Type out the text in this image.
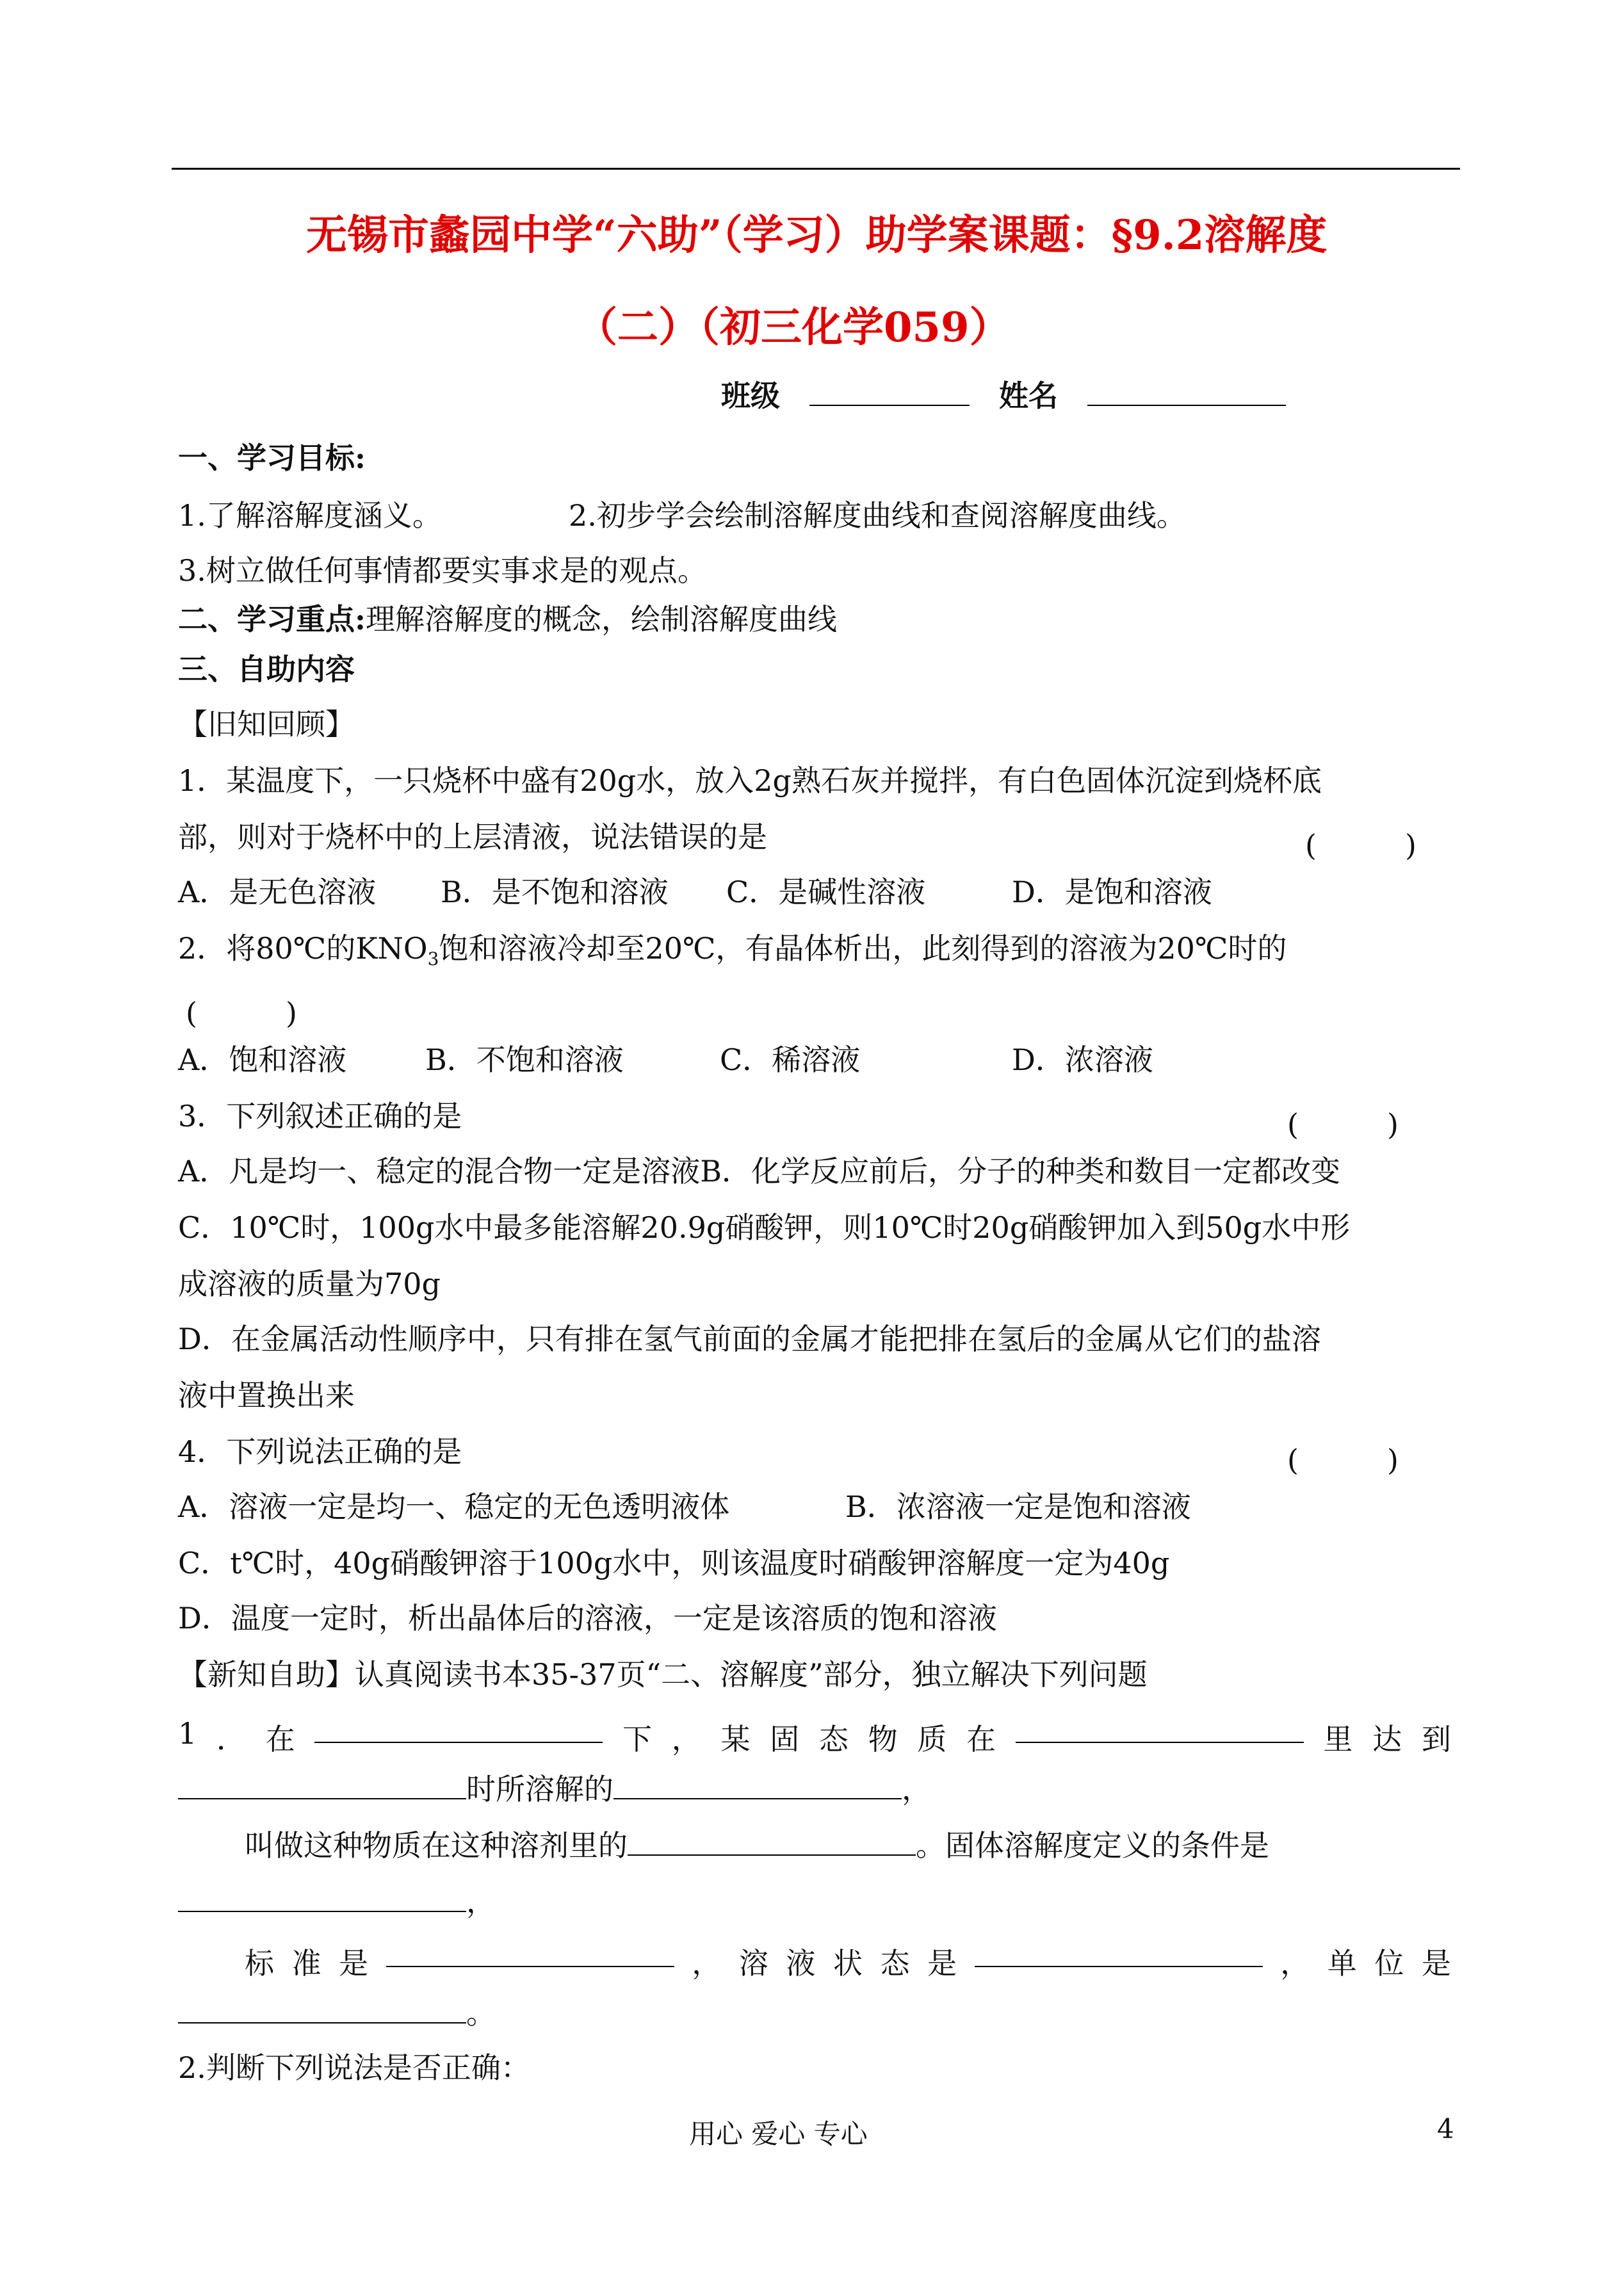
无锡市蠡园中学“六助”（学习）助学案课题：§9.2溶解度
（二）（初三化学059）
班级	姓名
一、学习目标:
1.了解溶解度涵义。	2.初步学会绘制溶解度曲线和查阅溶解度曲线。
3.树立做任何事情都要实事求是的观点。
二、学习重点:理解溶解度的概念，绘制溶解度曲线
三、自助内容
【旧知回顾】
1．某温度下，一只烧杯中盛有20g水，放入2g熟石灰并搅拌，有白色固体沉淀到烧杯底
部，则对于烧杯中的上层清液，说法错误的是	(　　　)
A．是无色溶液 B．是不饱和溶液 C．是碱性溶液	D．是饱和溶液
2．将80℃的$KNO_3$饱和溶液冷却至20℃，有晶体析出，此刻得到的溶液为20℃时的
(　　　)
A．饱和溶液	B．不饱和溶液	C．稀溶液	D．浓溶液
3．下列叙述正确的是	(　　　)
A．凡是均一、稳定的混合物一定是溶液B．化学反应前后，分子的种类和数目一定都改变
C．10℃时，100g水中最多能溶解20.9g硝酸钾，则10℃时20g硝酸钾加入到50g水中形
成溶液的质量为70g
D．在金属活动性顺序中，只有排在氢气前面的金属才能把排在氢后的金属从它们的盐溶
液中置换出来
4．下列说法正确的是	(　　　)
A．溶液一定是均一、稳定的无色透明液体	B．浓溶液一定是饱和溶液
C．t℃时，40g硝酸钾溶于100g水中，则该温度时硝酸钾溶解度一定为40g
D．温度一定时，析出晶体后的溶液，一定是该溶质的饱和溶液
【新知自助】认真阅读书本35-37页“二、溶解度”部分，独立解决下列问题
1 ． 在	下 ， 某 固 态 物 质 在	里 达 到
时所溶解的	，
叫做这种物质在这种溶剂里的	。固体溶解度定义的条件是
，
标 准 是	， 溶 液 状 态 是	， 单 位 是
。
2.判断下列说法是否正确：
用心 爱心 专心	4
